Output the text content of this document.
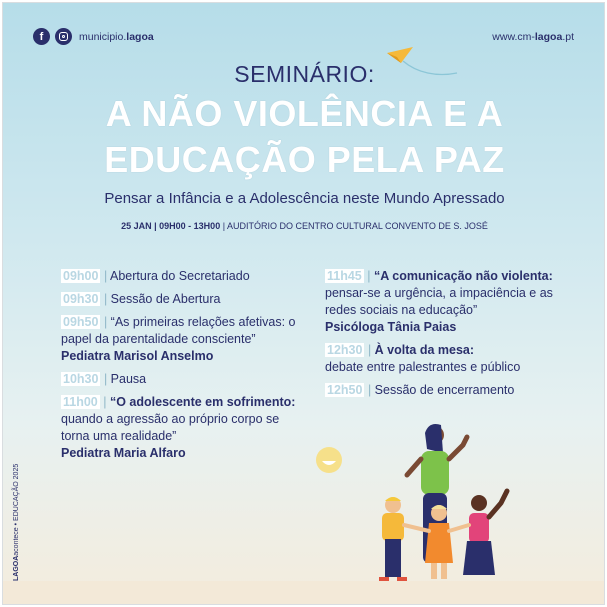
f	municipio.lagoa	www.cm-lagoa.pt
SEMINÁRIO:
A NÃO VIOLÊNCIA E A
EDUCAÇÃO PELA PAZ
Pensar a Infância e a Adolescência neste Mundo Apressado
25 JAN | 09H00 - 13H00 | AUDITÓRIO DO CENTRO CULTURAL CONVENTO DE S. JOSÉ
09h00 | Abertura do Secretariado
09h30 | Sessão de Abertura
09h50 | “As primeiras relações afetivas: o papel da parentalidade consciente”
Pediatra Marisol Anselmo
10h30 | Pausa
11h00 | “O adolescente em sofrimento: quando a agressão ao próprio corpo se torna uma realidade”
Pediatra Maria Alfaro
11h45 | “A comunicação não violenta: pensar-se a urgência, a impaciência e as redes sociais na educação”
Psicóloga Tânia Paias
12h30 | À volta da mesa:
debate entre palestrantes e público
12h50 | Sessão de encerramento
LAGOAacontece • EDUCAÇÃO 2025
